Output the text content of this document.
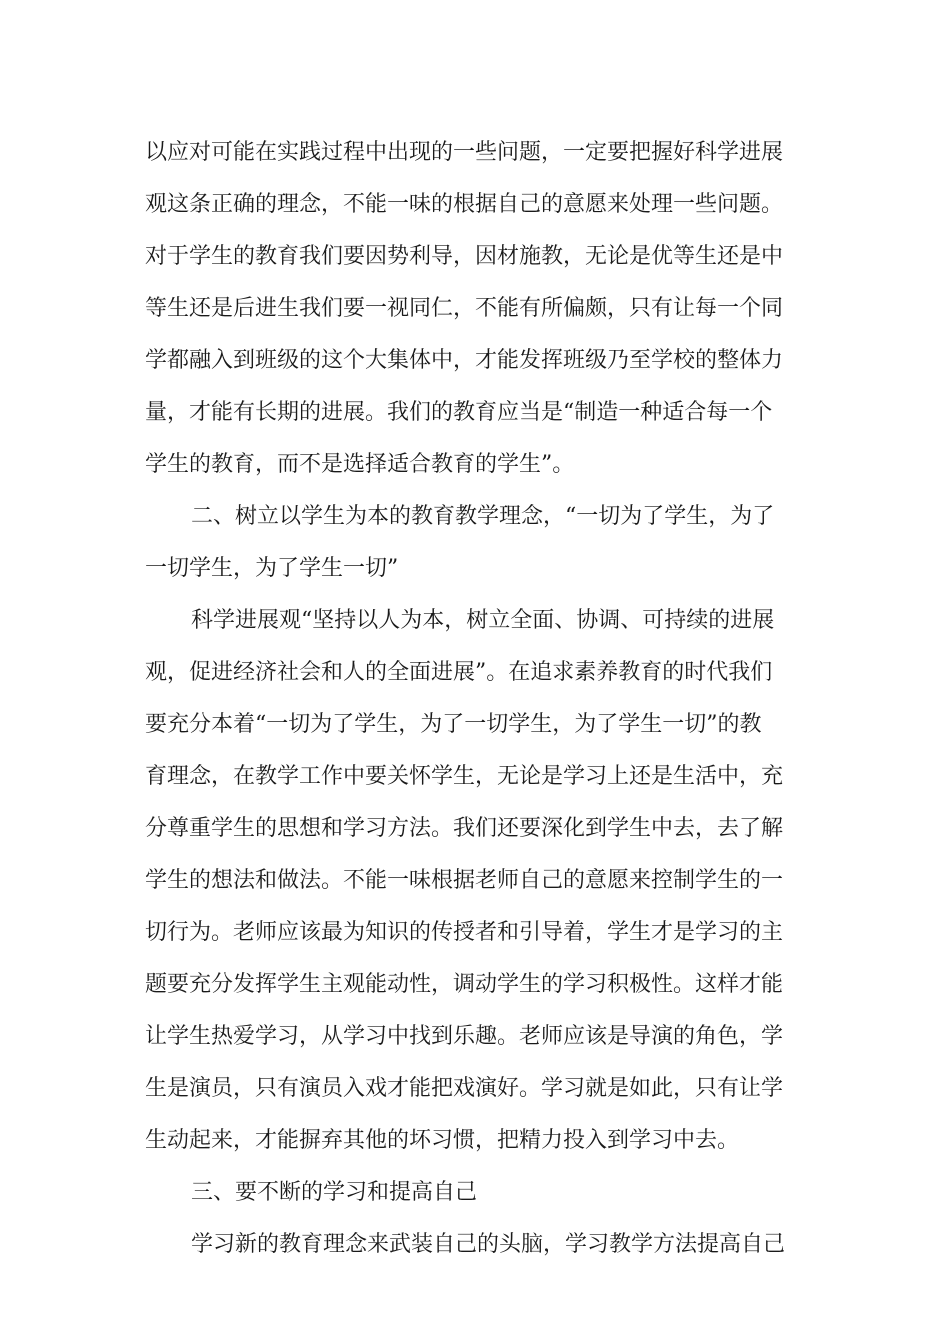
以应对可能在实践过程中出现的一些问题，一定要把握好科学进展
观这条正确的理念，不能一味的根据自己的意愿来处理一些问题。
对于学生的教育我们要因势利导，因材施教，无论是优等生还是中
等生还是后进生我们要一视同仁，不能有所偏颇，只有让每一个同
学都融入到班级的这个大集体中，才能发挥班级乃至学校的整体力
量，才能有长期的进展。我们的教育应当是“制造一种适合每一个
学生的教育，而不是选择适合教育的学生”。
二、树立以学生为本的教育教学理念，“一切为了学生，为了
一切学生，为了学生一切”
科学进展观“坚持以人为本，树立全面、协调、可持续的进展
观，促进经济社会和人的全面进展”。在追求素养教育的时代我们
要充分本着“一切为了学生，为了一切学生，为了学生一切”的教
育理念，在教学工作中要关怀学生，无论是学习上还是生活中，充
分尊重学生的思想和学习方法。我们还要深化到学生中去，去了解
学生的想法和做法。不能一味根据老师自己的意愿来控制学生的一
切行为。老师应该最为知识的传授者和引导着，学生才是学习的主
题要充分发挥学生主观能动性，调动学生的学习积极性。这样才能
让学生热爱学习，从学习中找到乐趣。老师应该是导演的角色，学
生是演员，只有演员入戏才能把戏演好。学习就是如此，只有让学
生动起来，才能摒弃其他的坏习惯，把精力投入到学习中去。
三、要不断的学习和提高自己
学习新的教育理念来武装自己的头脑，学习教学方法提高自己
